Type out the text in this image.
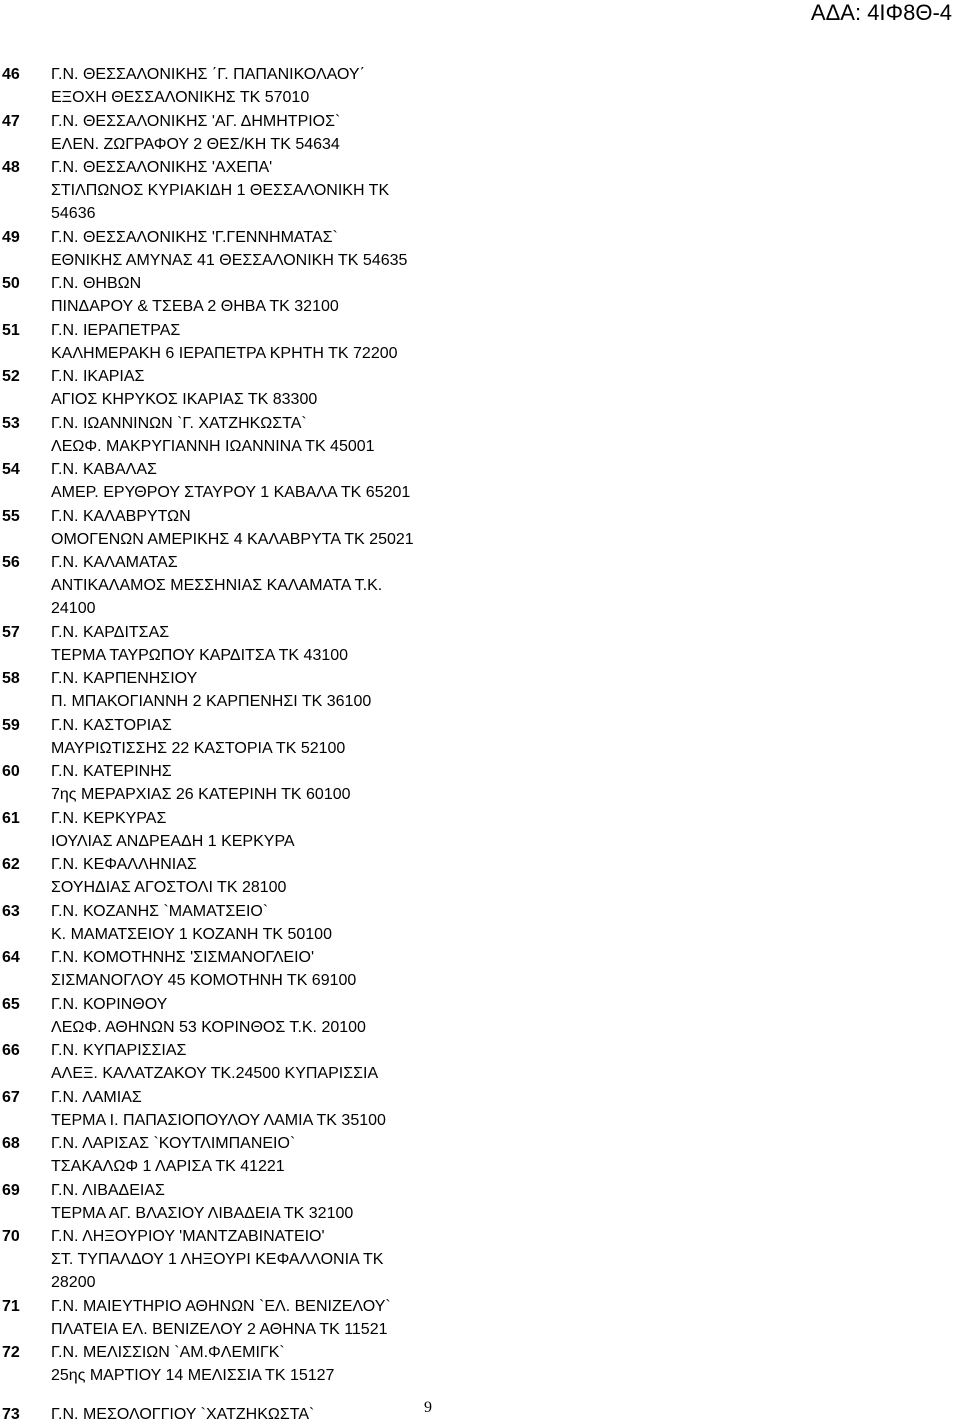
ΑΔΑ: 4ΙΦ8Θ-4
46	Γ.Ν. ΘΕΣΣΑΛΟΝΙΚΗΣ ΄Γ. ΠΑΠΑΝΙΚΟΛΑΟΥ΄
ΕΞΟΧΗ ΘΕΣΣΑΛΟΝΙΚΗΣ ΤΚ 57010
47	Γ.Ν. ΘΕΣΣΑΛΟΝΙΚΗΣ 'ΑΓ. ΔΗΜΗΤΡΙΟΣ`
ΕΛΕΝ. ΖΩΓΡΑΦΟΥ 2 ΘΕΣ/ΚΗ ΤΚ 54634
48	Γ.Ν. ΘΕΣΣΑΛΟΝΙΚΗΣ 'ΑΧΕΠΑ'
ΣΤΙΛΠΩΝΟΣ ΚΥΡΙΑΚΙΔΗ 1 ΘΕΣΣΑΛΟΝΙΚΗ ΤΚ
54636
49	Γ.Ν. ΘΕΣΣΑΛΟΝΙΚΗΣ 'Γ.ΓΕΝΝΗΜΑΤΑΣ`
ΕΘΝΙΚΗΣ ΑΜΥΝΑΣ 41 ΘΕΣΣΑΛΟΝΙΚΗ ΤΚ 54635
50	Γ.Ν. ΘΗΒΩΝ
ΠΙΝΔΑΡΟΥ & ΤΣΕΒΑ 2 ΘΗΒΑ ΤΚ 32100
51	Γ.Ν. ΙΕΡΑΠΕΤΡΑΣ
ΚΑΛΗΜΕΡΑΚΗ 6 ΙΕΡΑΠΕΤΡΑ ΚΡΗΤΗ ΤΚ 72200
52	Γ.Ν. ΙΚΑΡΙΑΣ
ΑΓΙΟΣ ΚΗΡΥΚΟΣ ΙΚΑΡΙΑΣ ΤΚ 83300
53	Γ.Ν. ΙΩΑΝΝΙΝΩΝ `Γ. ΧΑΤΖΗΚΩΣΤΑ`
ΛΕΩΦ. ΜΑΚΡΥΓΙΑΝΝΗ ΙΩΑΝΝΙΝΑ ΤΚ 45001
54	Γ.Ν. ΚΑΒΑΛΑΣ
ΑΜΕΡ. ΕΡΥΘΡΟΥ ΣΤΑΥΡΟΥ 1 ΚΑΒΑΛΑ ΤΚ 65201
55	Γ.Ν. ΚΑΛΑΒΡΥΤΩΝ
ΟΜΟΓΕΝΩΝ ΑΜΕΡΙΚΗΣ 4 ΚΑΛΑΒΡΥΤΑ ΤΚ 25021
56	Γ.Ν. ΚΑΛΑΜΑΤΑΣ
ΑΝΤΙΚΑΛΑΜΟΣ ΜΕΣΣΗΝΙΑΣ ΚΑΛΑΜΑΤΑ Τ.Κ.
24100
57	Γ.Ν. ΚΑΡΔΙΤΣΑΣ
ΤΕΡΜΑ ΤΑΥΡΩΠΟΥ ΚΑΡΔΙΤΣΑ ΤΚ 43100
58	Γ.Ν. ΚΑΡΠΕΝΗΣΙΟΥ
Π. ΜΠΑΚΟΓΙΑΝΝΗ 2 ΚΑΡΠΕΝΗΣΙ ΤΚ 36100
59	Γ.Ν. ΚΑΣΤΟΡΙΑΣ
ΜΑΥΡΙΩΤΙΣΣΗΣ 22 ΚΑΣΤΟΡΙΑ ΤΚ 52100
60	Γ.Ν. ΚΑΤΕΡΙΝΗΣ
7ης ΜΕΡΑΡΧΙΑΣ 26 ΚΑΤΕΡΙΝΗ ΤΚ 60100
61	Γ.Ν. ΚΕΡΚΥΡΑΣ
ΙΟΥΛΙΑΣ ΑΝΔΡΕΑΔΗ 1 ΚΕΡΚΥΡΑ
62	Γ.Ν. ΚΕΦΑΛΛΗΝΙΑΣ
ΣΟΥΗΔΙΑΣ ΑΓΟΣΤΟΛΙ ΤΚ 28100
63	Γ.Ν. ΚΟΖΑΝΗΣ `ΜΑΜΑΤΣΕΙΟ`
Κ. ΜΑΜΑΤΣΕΙΟΥ 1 ΚΟΖΑΝΗ ΤΚ 50100
64	Γ.Ν. ΚΟΜΟΤΗΝΗΣ 'ΣΙΣΜΑΝΟΓΛΕΙΟ'
ΣΙΣΜΑΝΟΓΛΟΥ 45 ΚΟΜΟΤΗΝΗ ΤΚ 69100
65	Γ.Ν. ΚΟΡΙΝΘΟΥ
ΛΕΩΦ. ΑΘΗΝΩΝ 53 ΚΟΡΙΝΘΟΣ Τ.Κ. 20100
66	Γ.Ν. ΚΥΠΑΡΙΣΣΙΑΣ
ΑΛΕΞ. ΚΑΛΑΤΖΑΚΟΥ ΤΚ.24500 ΚΥΠΑΡΙΣΣΙΑ
67	Γ.Ν. ΛΑΜΙΑΣ
ΤΕΡΜΑ Ι. ΠΑΠΑΣΙΟΠΟΥΛΟΥ ΛΑΜΙΑ ΤΚ 35100
68	Γ.Ν. ΛΑΡΙΣΑΣ `ΚΟΥΤΛΙΜΠΑΝΕΙΟ`
ΤΣΑΚΑΛΩΦ 1 ΛΑΡΙΣΑ ΤΚ 41221
69	Γ.Ν. ΛΙΒΑΔΕΙΑΣ
ΤΕΡΜΑ ΑΓ. ΒΛΑΣΙΟΥ ΛΙΒΑΔΕΙΑ ΤΚ 32100
70	Γ.Ν. ΛΗΞΟΥΡΙΟΥ 'ΜΑΝΤΖΑΒΙΝΑΤΕΙΟ'
ΣΤ. ΤΥΠΑΛΔΟΥ 1 ΛΗΞΟΥΡΙ ΚΕΦΑΛΛΟΝΙΑ ΤΚ
28200
71	Γ.Ν. ΜΑΙΕΥΤΗΡΙΟ ΑΘΗΝΩΝ `ΕΛ. ΒΕΝΙΖΕΛΟΥ`
ΠΛΑΤΕΙΑ ΕΛ. ΒΕΝΙΖΕΛΟΥ 2 ΑΘΗΝΑ ΤΚ 11521
72	Γ.Ν. ΜΕΛΙΣΣΙΩΝ `ΑΜ.ΦΛΕΜΙΓΚ`
25ης ΜΑΡΤΙΟΥ 14 ΜΕΛΙΣΣΙΑ ΤΚ 15127
73	Γ.Ν. ΜΕΣΟΛΟΓΓΙΟΥ `ΧΑΤΖΗΚΩΣΤΑ`	9
